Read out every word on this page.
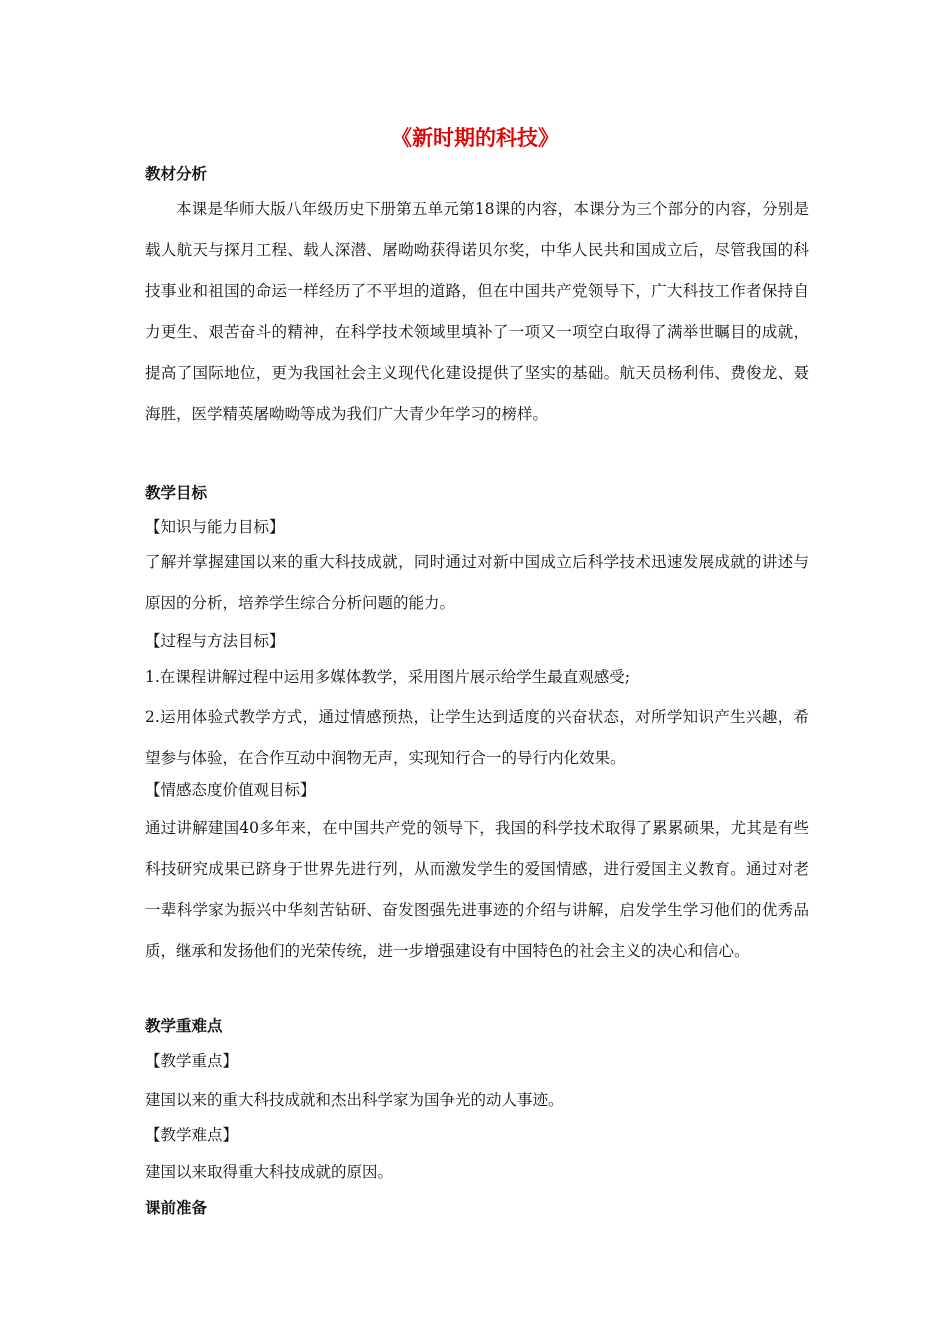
《新时期的科技》
教材分析

本课是华师大版八年级历史下册第五单元第18课的内容，本课分为三个部分的内容，分别是载人航天与探月工程、载人深潜、屠呦呦获得诺贝尔奖，中华人民共和国成立后，尽管我国的科技事业和祖国的命运一样经历了不平坦的道路，但在中国共产党领导下，广大科技工作者保持自力更生、艰苦奋斗的精神，在科学技术领域里填补了一项又一项空白取得了满举世瞩目的成就，提高了国际地位，更为我国社会主义现代化建设提供了坚实的基础。航天员杨利伟、费俊龙、聂海胜，医学精英屠呦呦等成为我们广大青少年学习的榜样。

教学目标
【知识与能力目标】

了解并掌握建国以来的重大科技成就，同时通过对新中国成立后科学技术迅速发展成就的讲述与原因的分析，培养学生综合分析问题的能力。

【过程与方法目标】
1.在课程讲解过程中运用多媒体教学，采用图片展示给学生最直观感受;

2.运用体验式教学方式，通过情感预热，让学生达到适度的兴奋状态，对所学知识产生兴趣，希望参与体验，在合作互动中润物无声，实现知行合一的导行内化效果。

【情感态度价值观目标】

通过讲解建国40多年来，在中国共产党的领导下，我国的科学技术取得了累累硕果，尤其是有些科技研究成果已跻身于世界先进行列，从而激发学生的爱国情感，进行爱国主义教育。通过对老一辈科学家为振兴中华刻苦钻研、奋发图强先进事迹的介绍与讲解，启发学生学习他们的优秀品质，继承和发扬他们的光荣传统，进一步增强建设有中国特色的社会主义的决心和信心。

教学重难点
【教学重点】
建国以来的重大科技成就和杰出科学家为国争光的动人事迹。
【教学难点】
建国以来取得重大科技成就的原因。
课前准备
